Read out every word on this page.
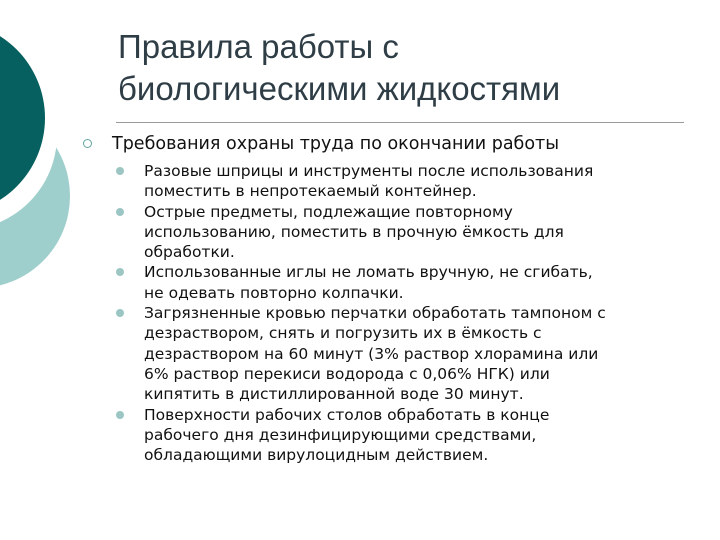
Правила работы с
биологическими жидкостями
Требования охраны труда по окончании работы
Разовые шприцы и инструменты после использования
поместить в непротекаемый контейнер.
Острые предметы, подлежащие повторному
использованию, поместить в прочную ёмкость для
обработки.
Использованные иглы не ломать вручную, не сгибать,
не одевать повторно колпачки.
Загрязненные кровью перчатки обработать тампоном с
дезраствором, снять и погрузить их в ёмкость с
дезраствором на 60 минут (3% раствор хлорамина или
6% раствор перекиси водорода с 0,06% НГК) или
кипятить в дистиллированной воде 30 минут.
Поверхности рабочих столов обработать в конце
рабочего дня дезинфицирующими средствами,
обладающими вирулоцидным действием.
